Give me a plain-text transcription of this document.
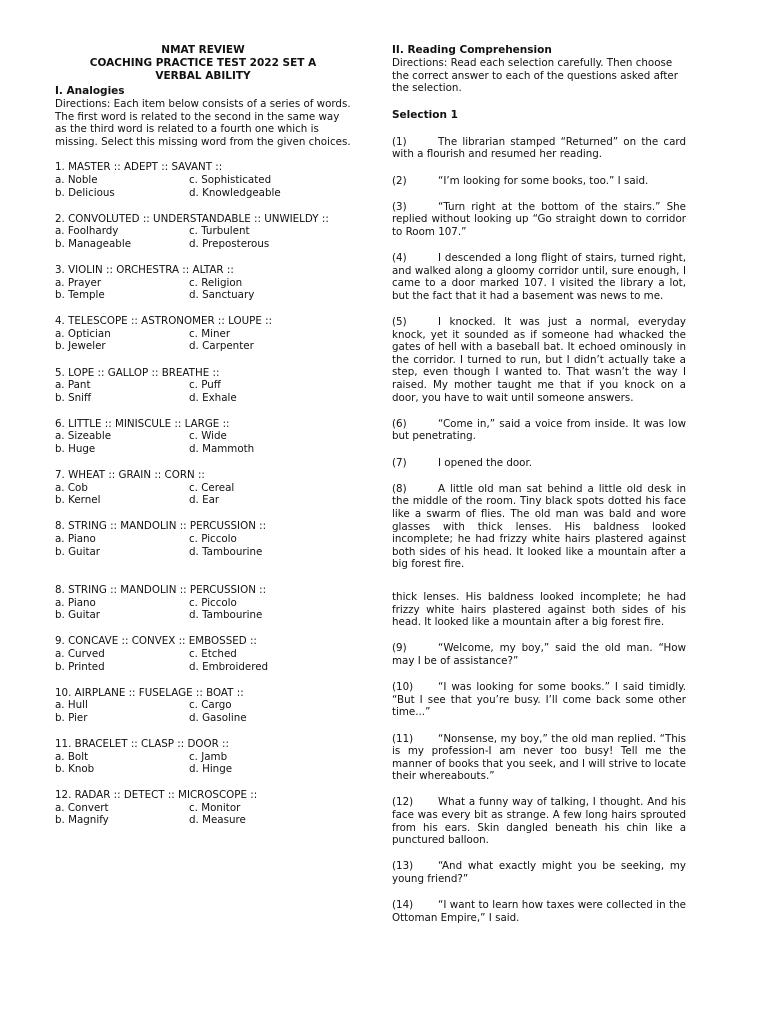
NMAT REVIEW
COACHING PRACTICE TEST 2022 SET A
VERBAL ABILITY
I. Analogies
Directions: Each item below consists of a series of words. The first word is related to the second in the same way as the third word is related to a fourth one which is missing. Select this missing word from the given choices.
1. MASTER :: ADEPT :: SAVANT ::
a. Noble	c. Sophisticated
b. Delicious	d. Knowledgeable
2. CONVOLUTED :: UNDERSTANDABLE :: UNWIELDY ::
a. Foolhardy	c. Turbulent
b. Manageable	d. Preposterous
3. VIOLIN :: ORCHESTRA :: ALTAR ::
a. Prayer	c. Religion
b. Temple	d. Sanctuary
4. TELESCOPE :: ASTRONOMER :: LOUPE ::
a. Optician	c. Miner
b. Jeweler	d. Carpenter
5. LOPE :: GALLOP :: BREATHE ::
a. Pant	c. Puff
b. Sniff	d. Exhale
6. LITTLE :: MINISCULE :: LARGE ::
a. Sizeable	c. Wide
b. Huge	d. Mammoth
7. WHEAT :: GRAIN :: CORN ::
a. Cob	c. Cereal
b. Kernel	d. Ear
8. STRING :: MANDOLIN :: PERCUSSION ::
a. Piano	c. Piccolo
b. Guitar	d. Tambourine
8. STRING :: MANDOLIN :: PERCUSSION ::
a. Piano	c. Piccolo
b. Guitar	d. Tambourine
9. CONCAVE :: CONVEX :: EMBOSSED ::
a. Curved	c. Etched
b. Printed	d. Embroidered
10. AIRPLANE :: FUSELAGE :: BOAT ::
a. Hull	c. Cargo
b. Pier	d. Gasoline
11. BRACELET :: CLASP :: DOOR ::
a. Bolt	c. Jamb
b. Knob	d. Hinge
12. RADAR :: DETECT :: MICROSCOPE ::
a. Convert	c. Monitor
b. Magnify	d. Measure
II. Reading Comprehension
Directions: Read each selection carefully. Then choose the correct answer to each of the questions asked after the selection.
Selection 1
(1)	The librarian stamped “Returned” on the card with a flourish and resumed her reading.
(2)	“I’m looking for some books, too.” I said.
(3)	“Turn right at the bottom of the stairs.” She replied without looking up “Go straight down to corridor to Room 107.”
(4)	I descended a long flight of stairs, turned right, and walked along a gloomy corridor until, sure enough, I came to a door marked 107. I visited the library a lot, but the fact that it had a basement was news to me.
(5)	I knocked. It was just a normal, everyday knock, yet it sounded as if someone had whacked the gates of hell with a baseball bat. It echoed ominously in the corridor. I turned to run, but I didn’t actually take a step, even though I wanted to. That wasn’t the way I raised. My mother taught me that if you knock on a door, you have to wait until someone answers.
(6)	“Come in,” said a voice from inside. It was low but penetrating.
(7)	I opened the door.
(8)	A little old man sat behind a little old desk in the middle of the room. Tiny black spots dotted his face like a swarm of flies. The old man was bald and wore glasses with thick lenses. His baldness looked incomplete; he had frizzy white hairs plastered against both sides of his head. It looked like a mountain after a big forest fire.
thick lenses. His baldness looked incomplete; he had frizzy white hairs plastered against both sides of his head. It looked like a mountain after a big forest fire.
(9)	“Welcome, my boy,” said the old man. “How may I be of assistance?”
(10) “I was looking for some books.” I said timidly. “But I see that you’re busy. I’ll come back some other time...”
(11) “Nonsense, my boy,” the old man replied. “This is my profession-I am never too busy! Tell me the manner of books that you seek, and I will strive to locate their whereabouts.”
(12) What a funny way of talking, I thought. And his face was every bit as strange. A few long hairs sprouted from his ears. Skin dangled beneath his chin like a punctured balloon.
(13) “And what exactly might you be seeking, my young friend?”
(14) “I want to learn how taxes were collected in the Ottoman Empire,” I said.
